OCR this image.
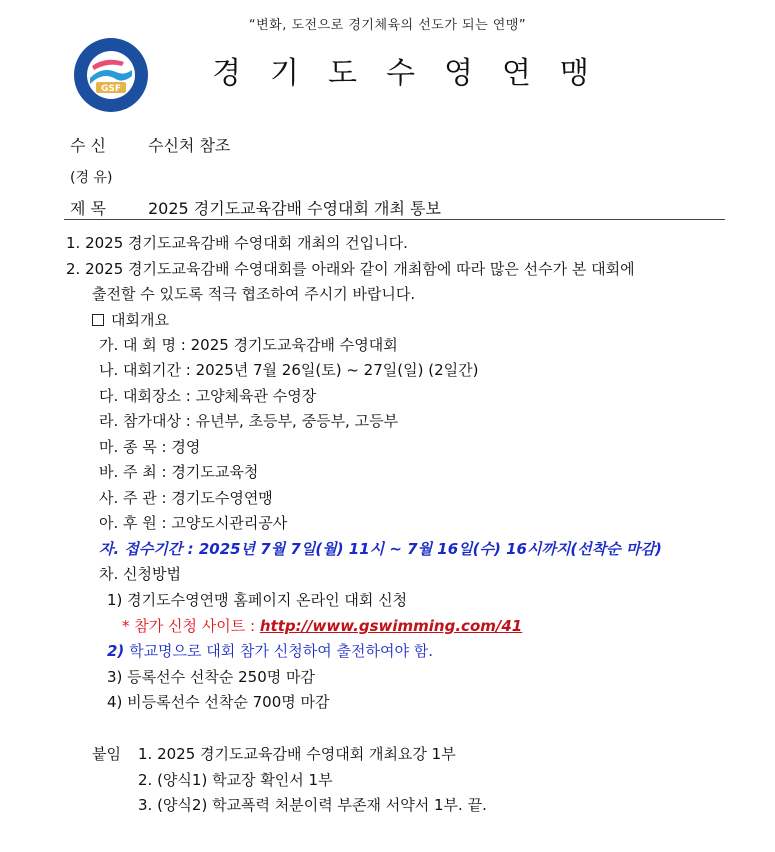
“변화, 도전으로 경기체육의 선도가 되는 연맹”
GSF	경 기 도 수 영 연 맹
수 신	수신처 참조
(경 유)
제 목	2025 경기도교육감배 수영대회 개최 통보
1. 2025 경기도교육감배 수영대회 개최의 건입니다.
2. 2025 경기도교육감배 수영대회를 아래와 같이 개최함에 따라 많은 선수가 본 대회에
출전할 수 있도록 적극 협조하여 주시기 바랍니다.
대회개요
가. 대 회 명 : 2025 경기도교육감배 수영대회
나. 대회기간 : 2025년 7월 26일(토) ~ 27일(일) (2일간)
다. 대회장소 : 고양체육관 수영장
라. 참가대상 : 유년부, 초등부, 중등부, 고등부
마. 종 목 : 경영
바. 주 최 : 경기도교육청
사. 주 관 : 경기도수영연맹
아. 후 원 : 고양도시관리공사
자. 접수기간 : 2025년 7월 7일(월) 11시 ~ 7월 16일(수) 16시까지(선착순 마감)
차. 신청방법
1) 경기도수영연맹 홈페이지 온라인 대회 신청
* 참가 신청 사이트 : http://www.gswimming.com/41
2) 학교명으로 대회 참가 신청하여 출전하여야 함.
3) 등록선수 선착순 250명 마감
4) 비등록선수 선착순 700명 마감
붙임 1. 2025 경기도교육감배 수영대회 개최요강 1부
2. (양식1) 학교장 확인서 1부
3. (양식2) 학교폭력 처분이력 부존재 서약서 1부. 끝.
